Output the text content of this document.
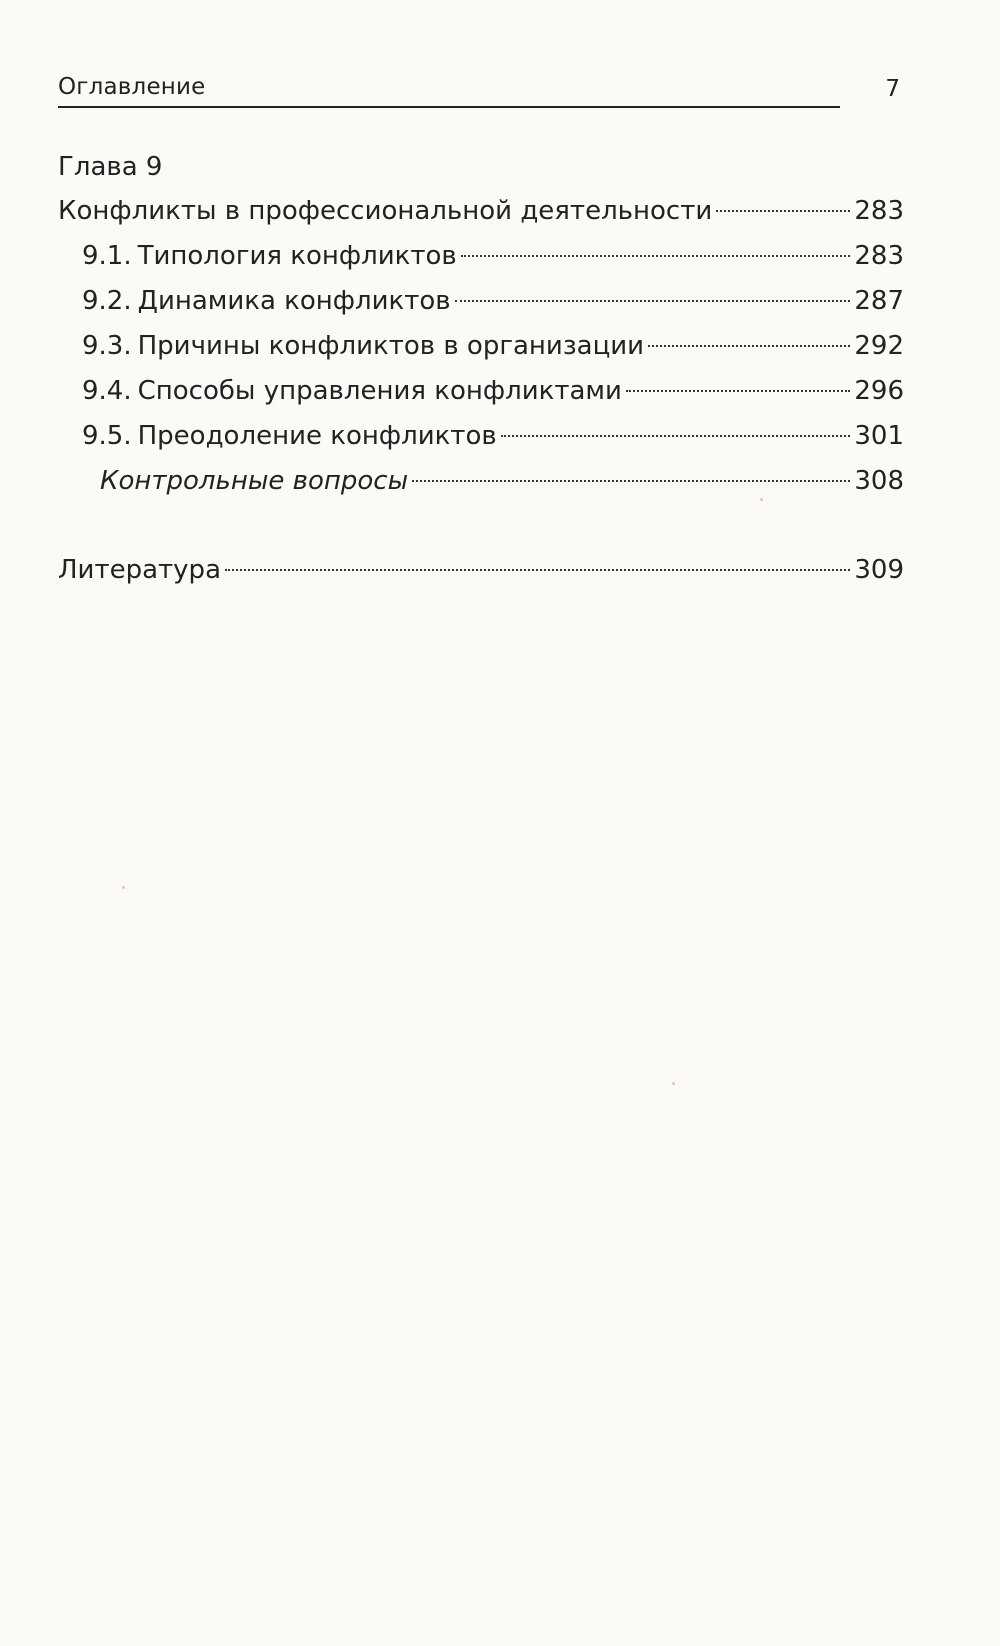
Оглавление	7
Глава 9
Конфликты в профессиональной деятельности	283
9.1. Типология конфликтов	283
9.2. Динамика конфликтов	287
9.3. Причины конфликтов в организации	292
9.4. Способы управления конфликтами	296
9.5. Преодоление конфликтов	301
Контрольные вопросы	308
Литература	309
